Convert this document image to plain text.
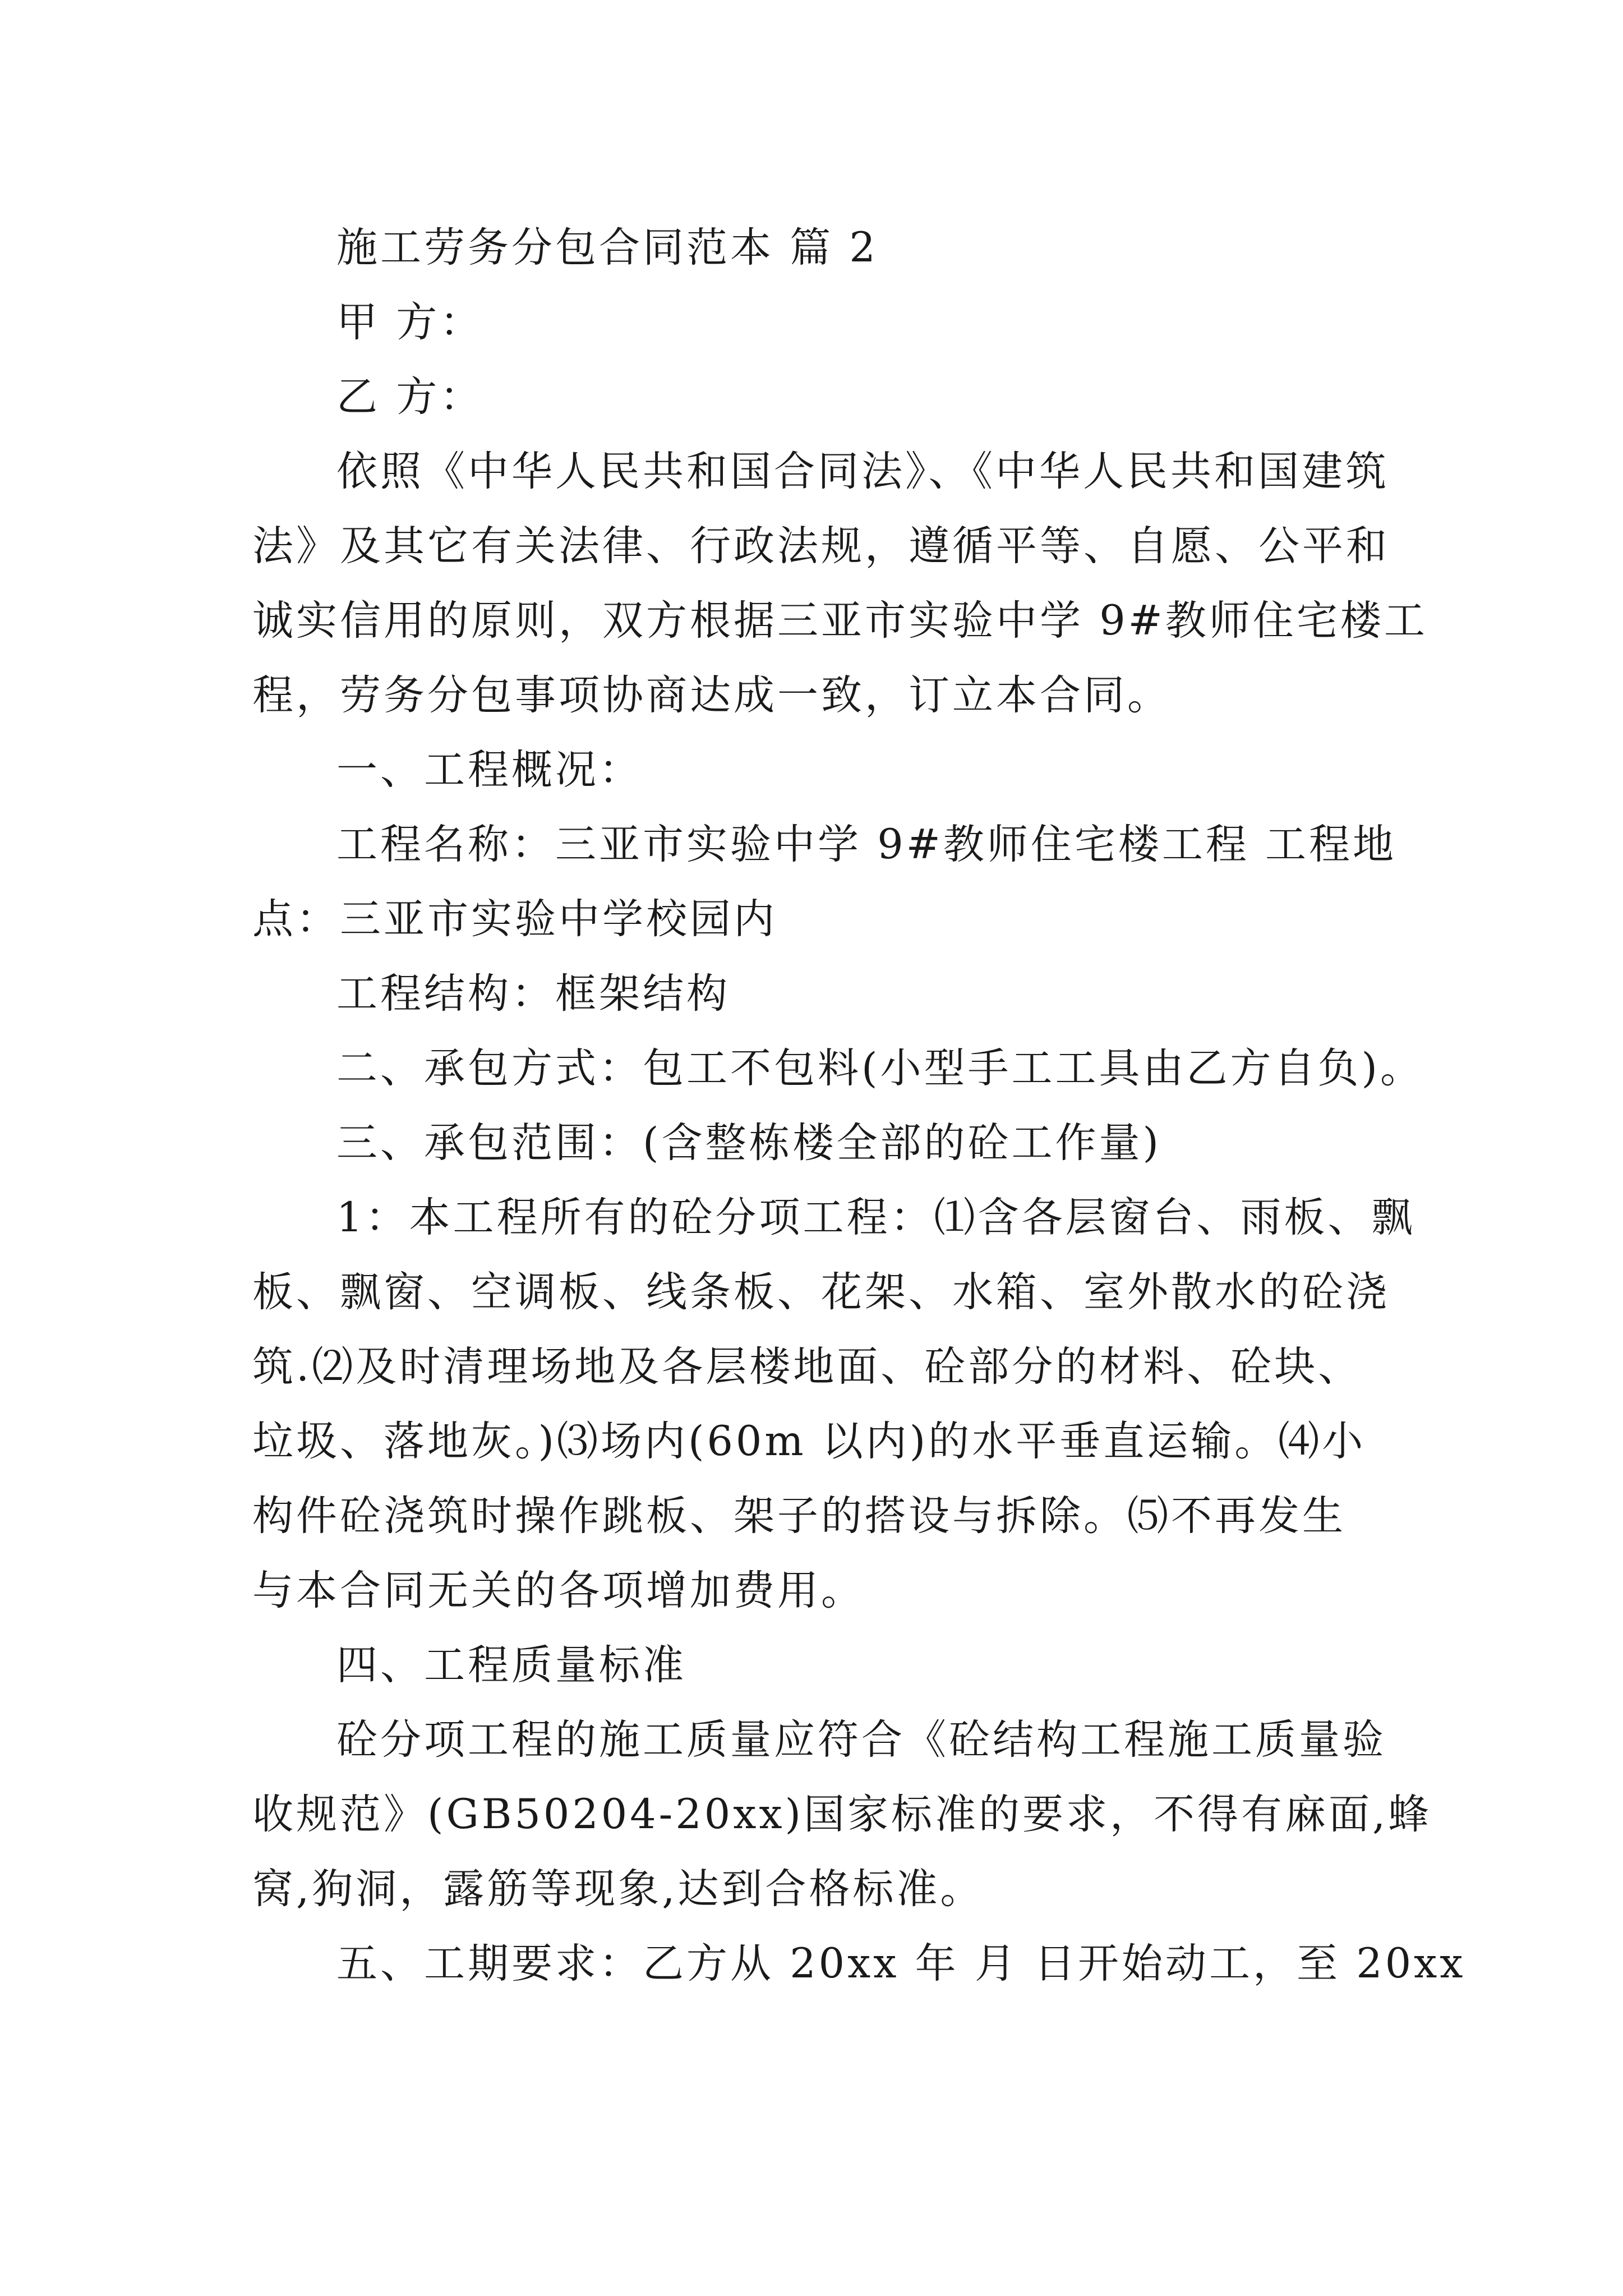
施工劳务分包合同范本 篇 2

甲 方：

乙 方：

依照《中华人民共和国合同法》、《中华人民共和国建筑

法》及其它有关法律、行政法规，遵循平等、自愿、公平和

诚实信用的原则，双方根据三亚市实验中学 9#教师住宅楼工

程，劳务分包事项协商达成一致，订立本合同。

一、工程概况：

工程名称：三亚市实验中学 9#教师住宅楼工程 工程地

点：三亚市实验中学校园内

工程结构：框架结构

二、承包方式：包工不包料(小型手工工具由乙方自负)。

三、承包范围：(含整栋楼全部的砼工作量)

1：本工程所有的砼分项工程：⑴含各层窗台、雨板、飘

板、飘窗、空调板、线条板、花架、水箱、室外散水的砼浇

筑.⑵及时清理场地及各层楼地面、砼部分的材料、砼块、

垃圾、落地灰。)⑶场内(60m 以内)的水平垂直运输。⑷小

构件砼浇筑时操作跳板、架子的搭设与拆除。⑸不再发生

与本合同无关的各项增加费用。

四、工程质量标准

砼分项工程的施工质量应符合《砼结构工程施工质量验

收规范》(GB50204-20xx)国家标准的要求，不得有麻面,蜂

窝,狗洞，露筋等现象,达到合格标准。

五、工期要求：乙方从 20xx 年 月 日开始动工，至 20xx
